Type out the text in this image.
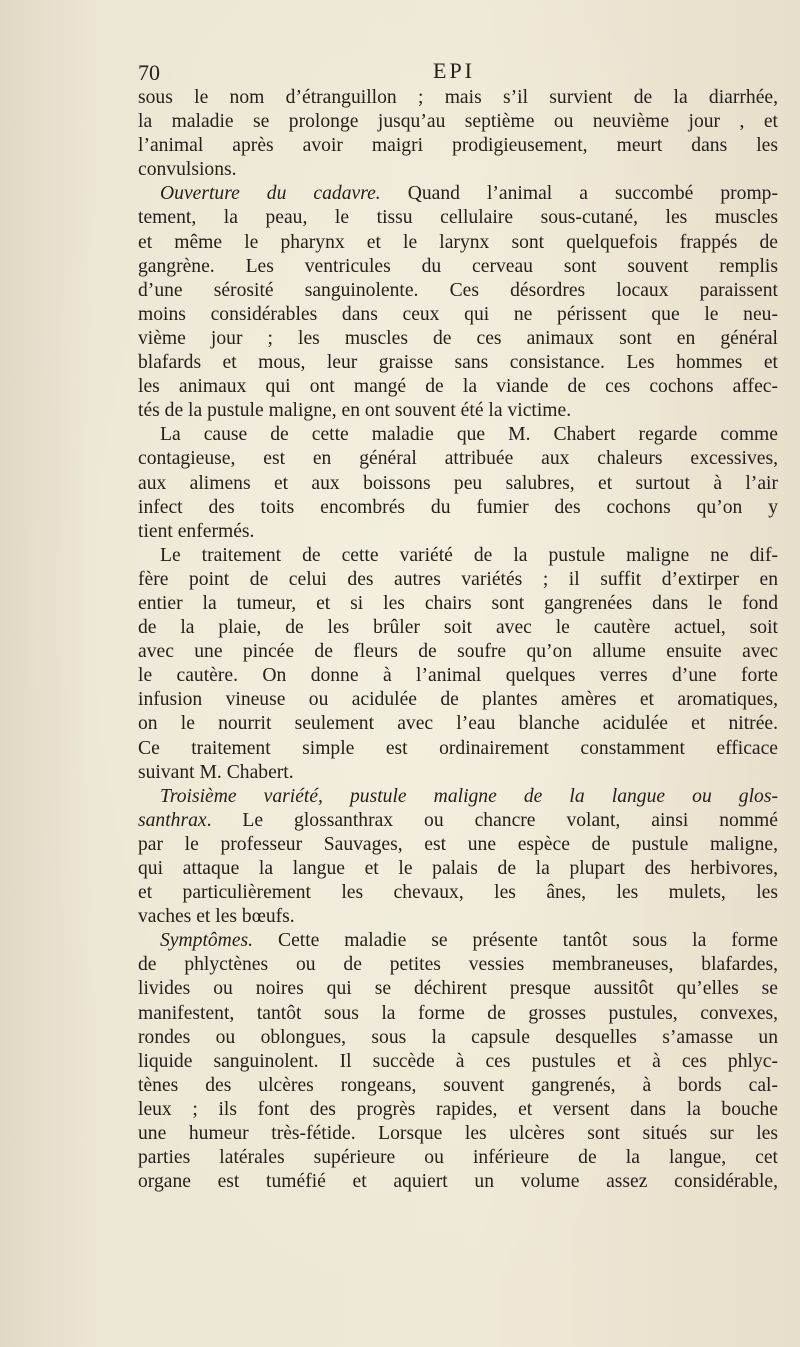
70	EPI
sous le nom d’étranguillon ; mais s’il survient de la diarrhée,
la maladie se prolonge jusqu’au septième ou neuvième jour , et
l’animal après avoir maigri prodigieusement, meurt dans les
convulsions.
Ouverture du cadavre. Quand l’animal a succombé promp-
tement, la peau, le tissu cellulaire sous-cutané, les muscles
et même le pharynx et le larynx sont quelquefois frappés de
gangrène. Les ventricules du cerveau sont souvent remplis
d’une sérosité sanguinolente. Ces désordres locaux paraissent
moins considérables dans ceux qui ne périssent que le neu-
vième jour ; les muscles de ces animaux sont en général
blafards et mous, leur graisse sans consistance. Les hommes et
les animaux qui ont mangé de la viande de ces cochons affec-
tés de la pustule maligne, en ont souvent été la victime.
La cause de cette maladie que M. Chabert regarde comme
contagieuse, est en général attribuée aux chaleurs excessives,
aux alimens et aux boissons peu salubres, et surtout à l’air
infect des toits encombrés du fumier des cochons qu’on y
tient enfermés.
Le traitement de cette variété de la pustule maligne ne dif-
fère point de celui des autres variétés ; il suffit d’extirper en
entier la tumeur, et si les chairs sont gangrenées dans le fond
de la plaie, de les brûler soit avec le cautère actuel, soit
avec une pincée de fleurs de soufre qu’on allume ensuite avec
le cautère. On donne à l’animal quelques verres d’une forte
infusion vineuse ou acidulée de plantes amères et aromatiques,
on le nourrit seulement avec l’eau blanche acidulée et nitrée.
Ce traitement simple est ordinairement constamment efficace
suivant M. Chabert.
Troisième variété, pustule maligne de la langue ou glos-
santhrax. Le glossanthrax ou chancre volant, ainsi nommé
par le professeur Sauvages, est une espèce de pustule maligne,
qui attaque la langue et le palais de la plupart des herbivores,
et particulièrement les chevaux, les ânes, les mulets, les
vaches et les bœufs.
Symptômes. Cette maladie se présente tantôt sous la forme
de phlyctènes ou de petites vessies membraneuses, blafardes,
livides ou noires qui se déchirent presque aussitôt qu’elles se
manifestent, tantôt sous la forme de grosses pustules, convexes,
rondes ou oblongues, sous la capsule desquelles s’amasse un
liquide sanguinolent. Il succède à ces pustules et à ces phlyc-
tènes des ulcères rongeans, souvent gangrenés, à bords cal-
leux ; ils font des progrès rapides, et versent dans la bouche
une humeur très-fétide. Lorsque les ulcères sont situés sur les
parties latérales supérieure ou inférieure de la langue, cet
organe est tuméfié et aquiert un volume assez considérable,
